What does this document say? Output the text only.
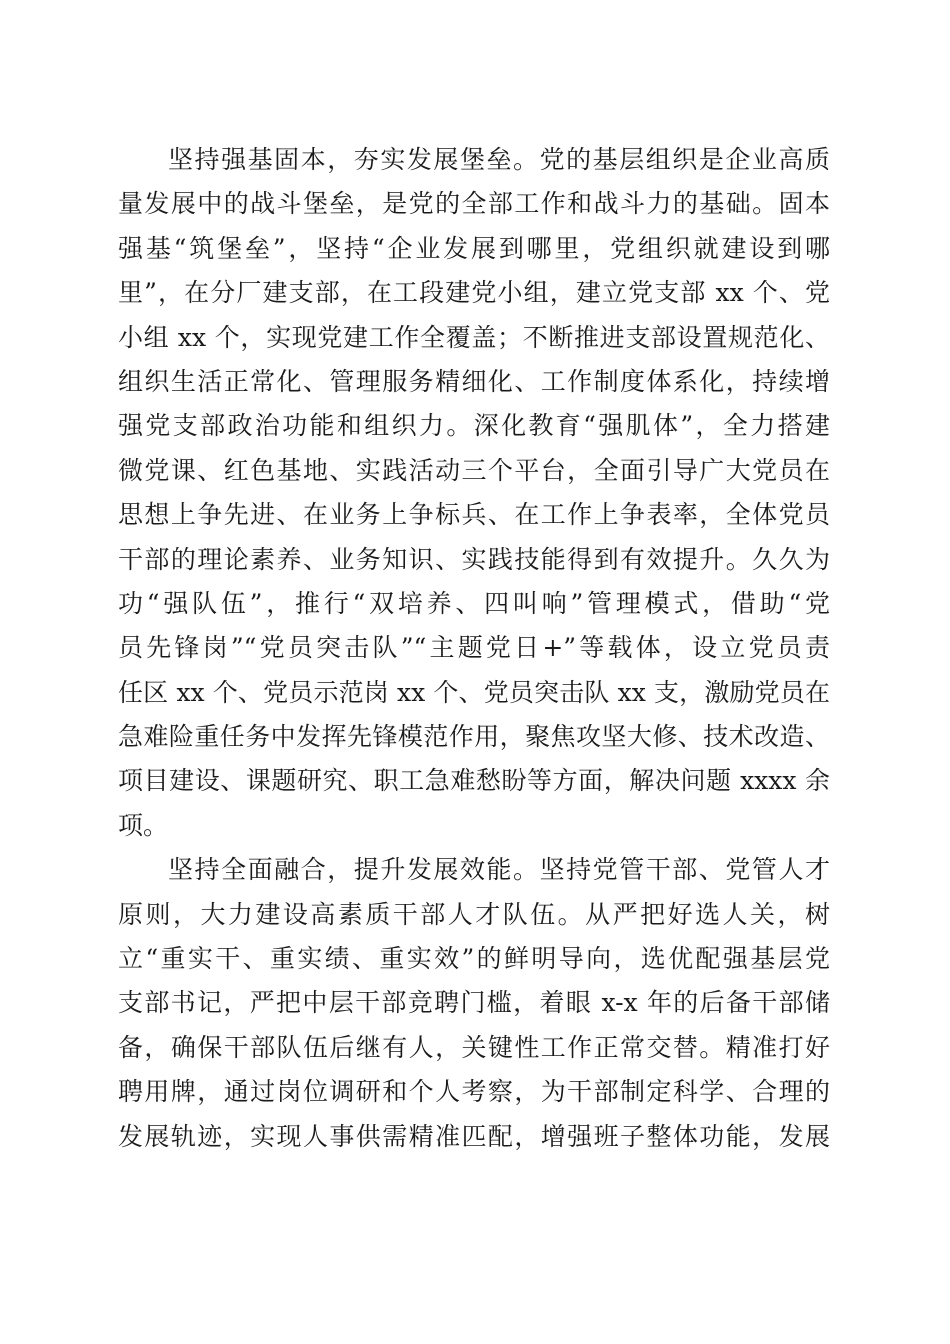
坚持强基固本，夯实发展堡垒。党的基层组织是企业高质
量发展中的战斗堡垒，是党的全部工作和战斗力的基础。固本
强基“筑堡垒”，坚持“企业发展到哪里，党组织就建设到哪
里”，在分厂建支部，在工段建党小组，建立党支部 xx 个、党
小组 xx 个，实现党建工作全覆盖；不断推进支部设置规范化、
组织生活正常化、管理服务精细化、工作制度体系化，持续增
强党支部政治功能和组织力。深化教育“强肌体”，全力搭建
微党课、红色基地、实践活动三个平台，全面引导广大党员在
思想上争先进、在业务上争标兵、在工作上争表率，全体党员
干部的理论素养、业务知识、实践技能得到有效提升。久久为
功“强队伍”，推行“双培养、四叫响”管理模式，借助“党
员先锋岗”“党员突击队”“主题党日+”等载体，设立党员责
任区 xx 个、党员示范岗 xx 个、党员突击队 xx 支，激励党员在
急难险重任务中发挥先锋模范作用，聚焦攻坚大修、技术改造、
项目建设、课题研究、职工急难愁盼等方面，解决问题 xxxx 余
项。
坚持全面融合，提升发展效能。坚持党管干部、党管人才
原则，大力建设高素质干部人才队伍。从严把好选人关，树
立“重实干、重实绩、重实效”的鲜明导向，选优配强基层党
支部书记，严把中层干部竞聘门槛，着眼 x-x 年的后备干部储
备，确保干部队伍后继有人，关键性工作正常交替。精准打好
聘用牌，通过岗位调研和个人考察，为干部制定科学、合理的
发展轨迹，实现人事供需精准匹配，增强班子整体功能，发展
